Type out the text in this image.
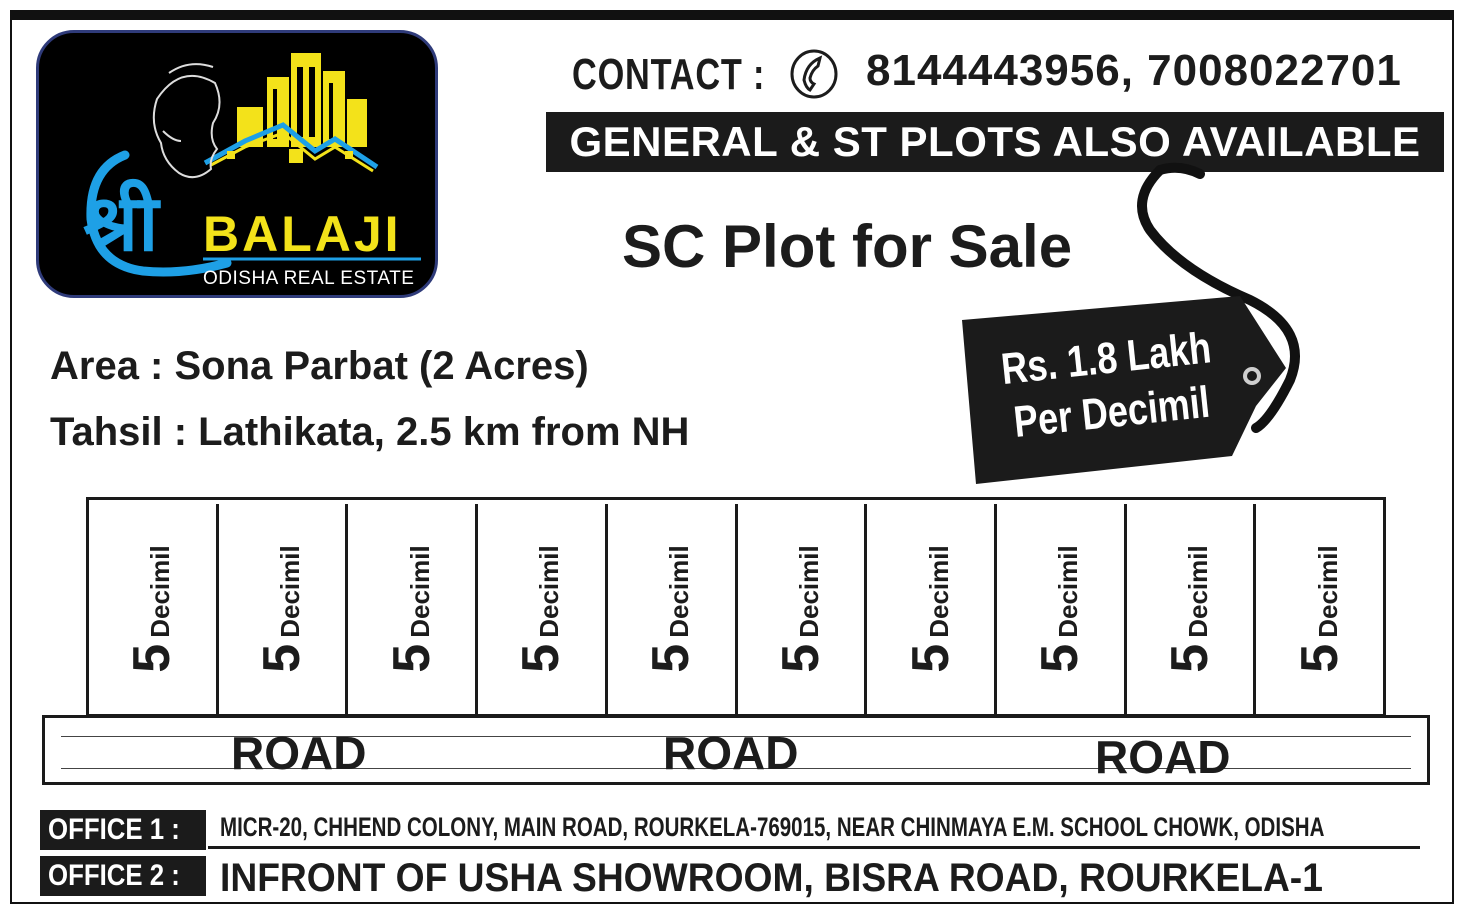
श्री BALAJI
ODISHA REAL ESTATE
CONTACT : 8144443956, 7008022701
GENERAL & ST PLOTS ALSO AVAILABLE
SC Plot for Sale
Area : Sona Parbat (2 Acres)
Tahsil : Lathikata, 2.5 km from NH
Rs. 1.8 Lakh
Per Decimil
5
Decimil
5
Decimil
5
Decimil
5
Decimil
5
Decimil
5
Decimil
5
Decimil
5
Decimil
5
Decimil
5
Decimil
ROAD	ROAD	ROAD
OFFICE 1 :	MICR-20, CHHEND COLONY, MAIN ROAD, ROURKELA-769015, NEAR CHINMAYA E.M. SCHOOL CHOWK, ODISHA
OFFICE 2 :	INFRONT OF USHA SHOWROOM, BISRA ROAD, ROURKELA-1
